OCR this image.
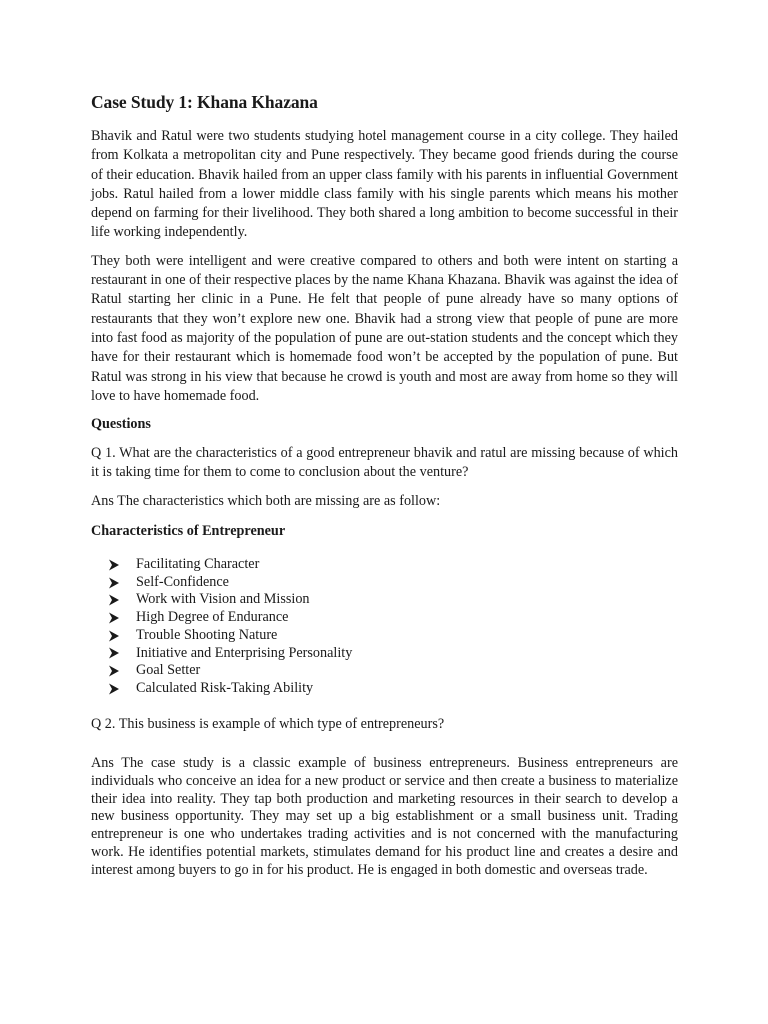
Case Study 1: Khana Khazana

Bhavik and Ratul were two students studying hotel management course in a city college. They hailed from Kolkata a metropolitan city and Pune respectively. They became good friends during the course of their education. Bhavik hailed from an upper class family with his parents in influential Government jobs. Ratul hailed from a lower middle class family with his single parents which means his mother depend on farming for their livelihood. They both shared a long ambition to become successful in their life working independently.

They both were intelligent and were creative compared to others and both were intent on starting a restaurant in one of their respective places by the name Khana Khazana. Bhavik was against the idea of Ratul starting her clinic in a Pune. He felt that people of pune already have so many options of restaurants that they won’t explore new one. Bhavik had a strong view that people of pune are more into fast food as majority of the population of pune are out-station students and the concept which they have for their restaurant which is homemade food won’t be accepted by the population of pune. But Ratul was strong in his view that because he crowd is youth and most are away from home so they will love to have homemade food.

Questions

Q 1. What are the characteristics of a good entrepreneur bhavik and ratul are missing because of which it is taking time for them to come to conclusion about the venture?

Ans The characteristics which both are missing are as follow:

Characteristics of Entrepreneur

Facilitating Character
Self-Confidence
Work with Vision and Mission
High Degree of Endurance
Trouble Shooting Nature
Initiative and Enterprising Personality
Goal Setter
Calculated Risk-Taking Ability

Q 2. This business is example of which type of entrepreneurs?

Ans The case study is a classic example of business entrepreneurs. Business entrepreneurs are individuals who conceive an idea for a new product or service and then create a business to materialize their idea into reality. They tap both production and marketing resources in their search to develop a new business opportunity. They may set up a big establishment or a small business unit. Trading entrepreneur is one who undertakes trading activities and is not concerned with the manufacturing work. He identifies potential markets, stimulates demand for his product line and creates a desire and interest among buyers to go in for his product. He is engaged in both domestic and overseas trade.
